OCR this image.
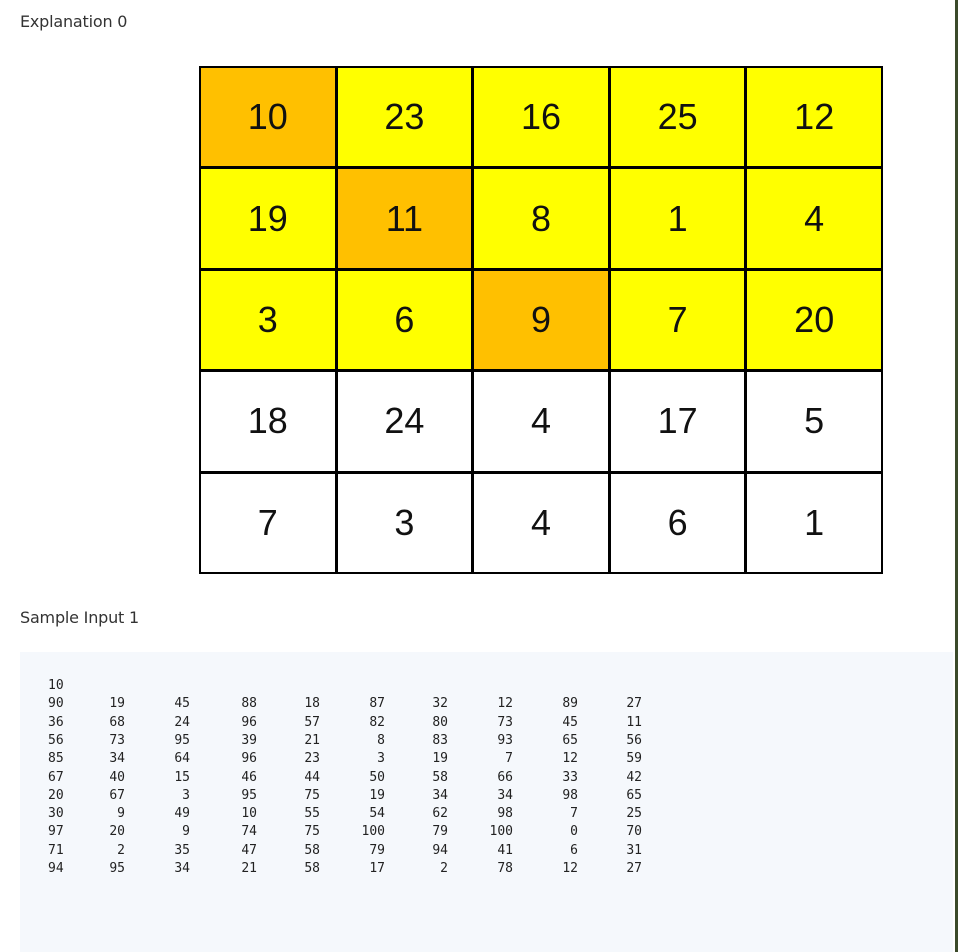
Explanation 0
10	23	16	25	12
19	11	8	1	4
3	6	9	7	20
18	24	4	17	5
7	3	4	6	1
Sample Input 1
10
90	19	45	88	18	87	32	12	89	27
36	68	24	96	57	82	80	73	45	11
56	73	95	39	21	8	83	93	65	56
85	34	64	96	23	3	19	7	12	59
67	40	15	46	44	50	58	66	33	42
20	67	3	95	75	19	34	34	98	65
30	9	49	10	55	54	62	98	7	25
97	20	9	74	75	100	79	100	0	70
71	2	35	47	58	79	94	41	6	31
94	95	34	21	58	17	2	78	12	27
